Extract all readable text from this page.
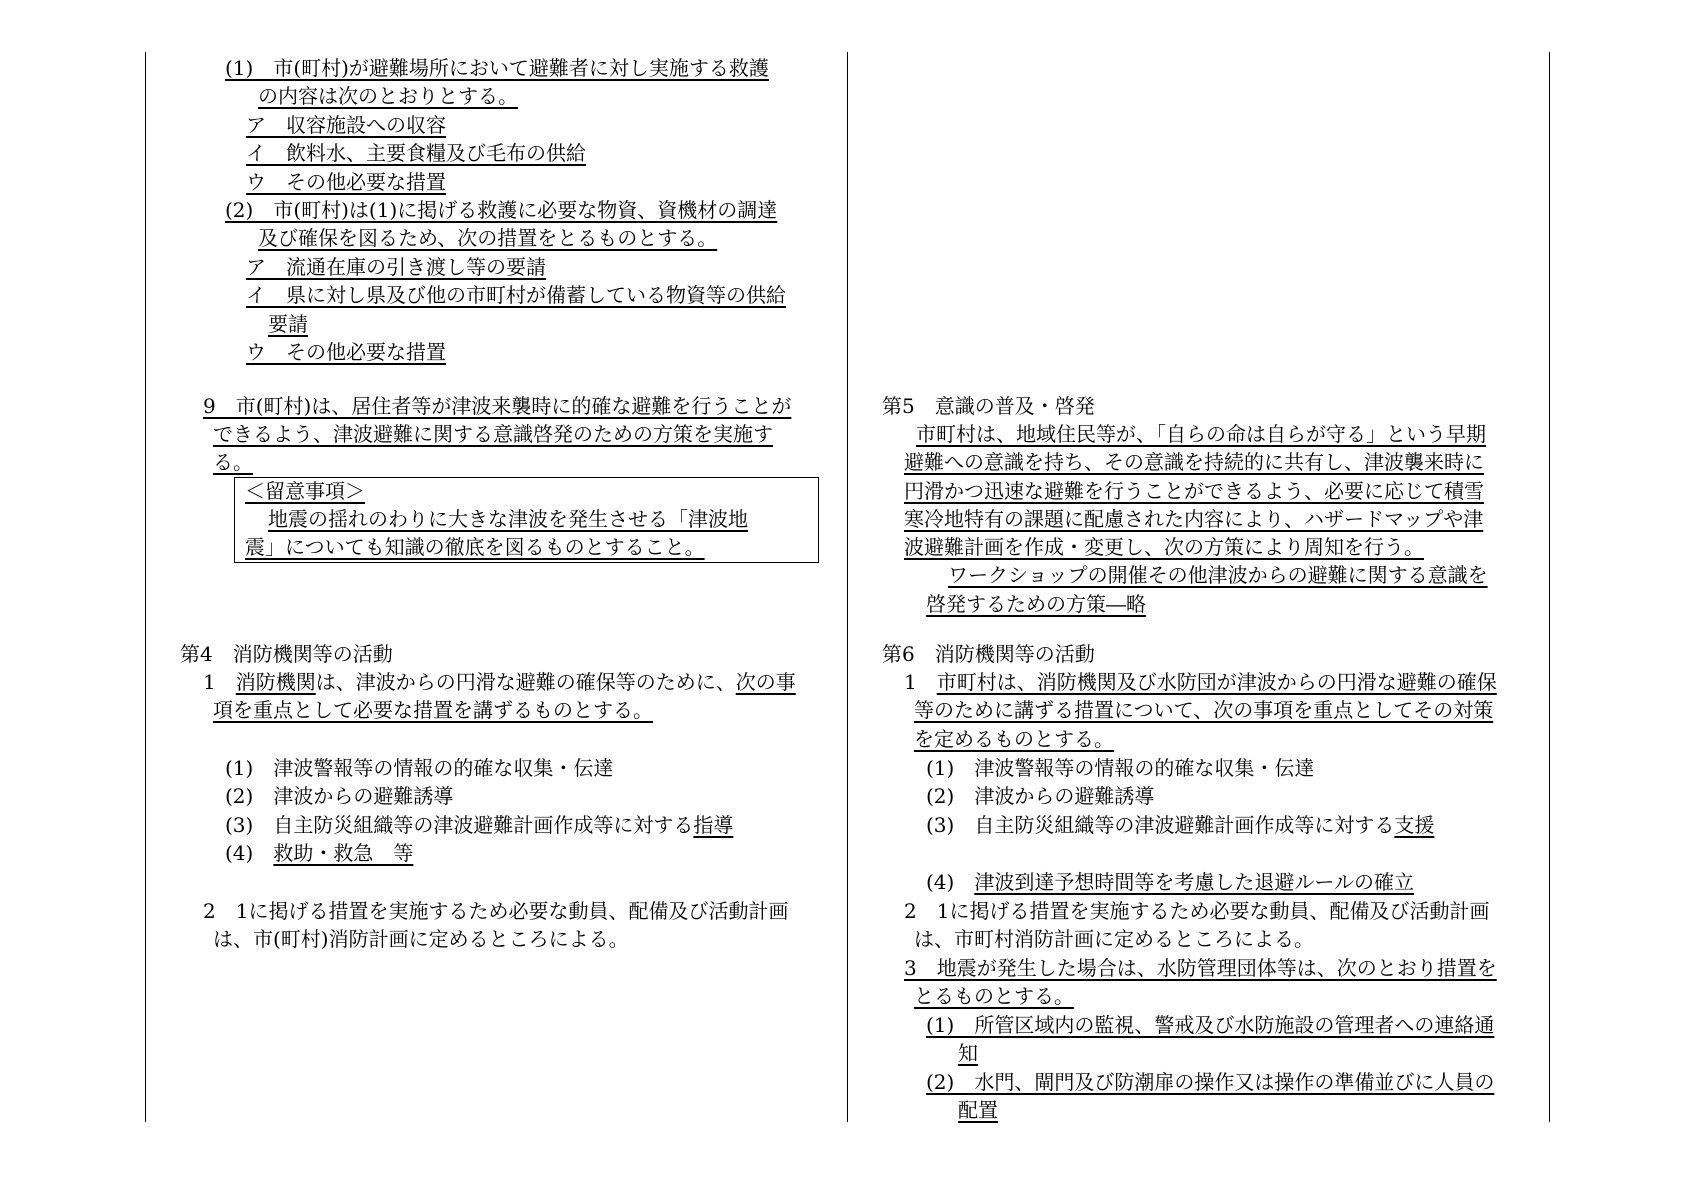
(1)　市(町村)が避難場所において避難者に対し実施する救護
の内容は次のとおりとする。
ア　収容施設への収容
イ　飲料水、主要食糧及び毛布の供給
ウ　その他必要な措置
(2)　市(町村)は(1)に掲げる救護に必要な物資、資機材の調達
及び確保を図るため、次の措置をとるものとする。
ア　流通在庫の引き渡し等の要請
イ　県に対し県及び他の市町村が備蓄している物資等の供給
要請
ウ　その他必要な措置
9　市(町村)は、居住者等が津波来襲時に的確な避難を行うことが
できるよう、津波避難に関する意識啓発のための方策を実施す
る。
＜留意事項＞
地震の揺れのわりに大きな津波を発生させる「津波地
震」についても知識の徹底を図るものとすること。
第4　消防機関等の活動
1　消防機関は、津波からの円滑な避難の確保等のために、次の事
項を重点として必要な措置を講ずるものとする。
(1)　津波警報等の情報の的確な収集・伝達
(2)　津波からの避難誘導
(3)　自主防災組織等の津波避難計画作成等に対する指導
(4)　救助・救急　等
2　1に掲げる措置を実施するため必要な動員、配備及び活動計画
は、市(町村)消防計画に定めるところによる。
第5　意識の普及・啓発
市町村は、地域住民等が、「自らの命は自らが守る」という早期
避難への意識を持ち、その意識を持続的に共有し、津波襲来時に
円滑かつ迅速な避難を行うことができるよう、必要に応じて積雪
寒冷地特有の課題に配慮された内容により、ハザードマップや津
波避難計画を作成・変更し、次の方策により周知を行う。
ワークショップの開催その他津波からの避難に関する意識を
啓発するための方策―略
第6　消防機関等の活動
1　市町村は、消防機関及び水防団が津波からの円滑な避難の確保
等のために講ずる措置について、次の事項を重点としてその対策
を定めるものとする。
(1)　津波警報等の情報の的確な収集・伝達
(2)　津波からの避難誘導
(3)　自主防災組織等の津波避難計画作成等に対する支援
(4)　津波到達予想時間等を考慮した退避ルールの確立
2　1に掲げる措置を実施するため必要な動員、配備及び活動計画
は、市町村消防計画に定めるところによる。
3　地震が発生した場合は、水防管理団体等は、次のとおり措置を
とるものとする。
(1)　所管区域内の監視、警戒及び水防施設の管理者への連絡通
知
(2)　水門、閘門及び防潮扉の操作又は操作の準備並びに人員の
配置
